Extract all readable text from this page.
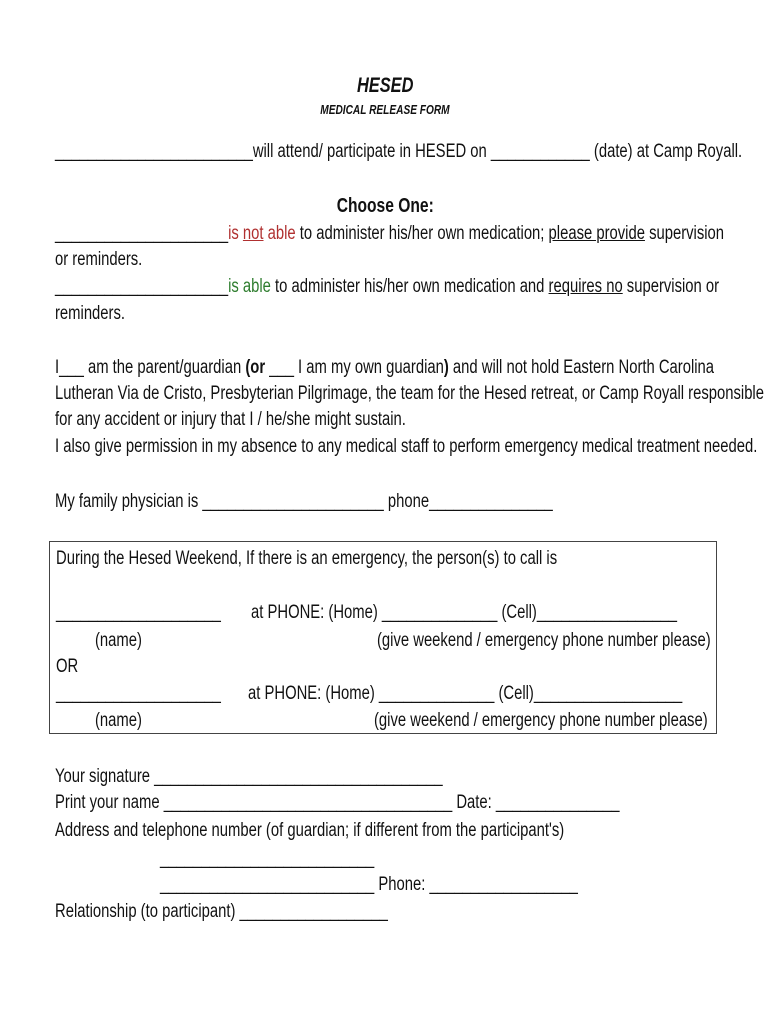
HESED
MEDICAL RELEASE FORM
________________________will attend/ participate in HESED on ____________ (date) at Camp Royall.
Choose One:
_____________________is not able to administer his/her own medication; please provide supervision
or reminders.
_____________________is able to administer his/her own medication and requires no supervision or
reminders.
I___ am the parent/guardian (or ___ I am my own guardian) and will not hold Eastern North Carolina
Lutheran Via de Cristo, Presbyterian Pilgrimage, the team for the Hesed retreat, or Camp Royall responsible
for any accident or injury that I / he/she might sustain.
I also give permission in my absence to any medical staff to perform emergency medical treatment needed.
My family physician is ______________________ phone_______________
During the Hesed Weekend, If there is an emergency, the person(s) to call is
____________________	at PHONE: (Home) ______________ (Cell)_________________
(name)	(give weekend / emergency phone number please)
OR
____________________	at PHONE: (Home) ______________ (Cell)__________________
(name)	(give weekend / emergency phone number please)
Your signature ___________________________________
Print your name ___________________________________ Date: _______________
Address and telephone number (of guardian; if different from the participant's)
__________________________
__________________________ Phone: __________________
Relationship (to participant) __________________
